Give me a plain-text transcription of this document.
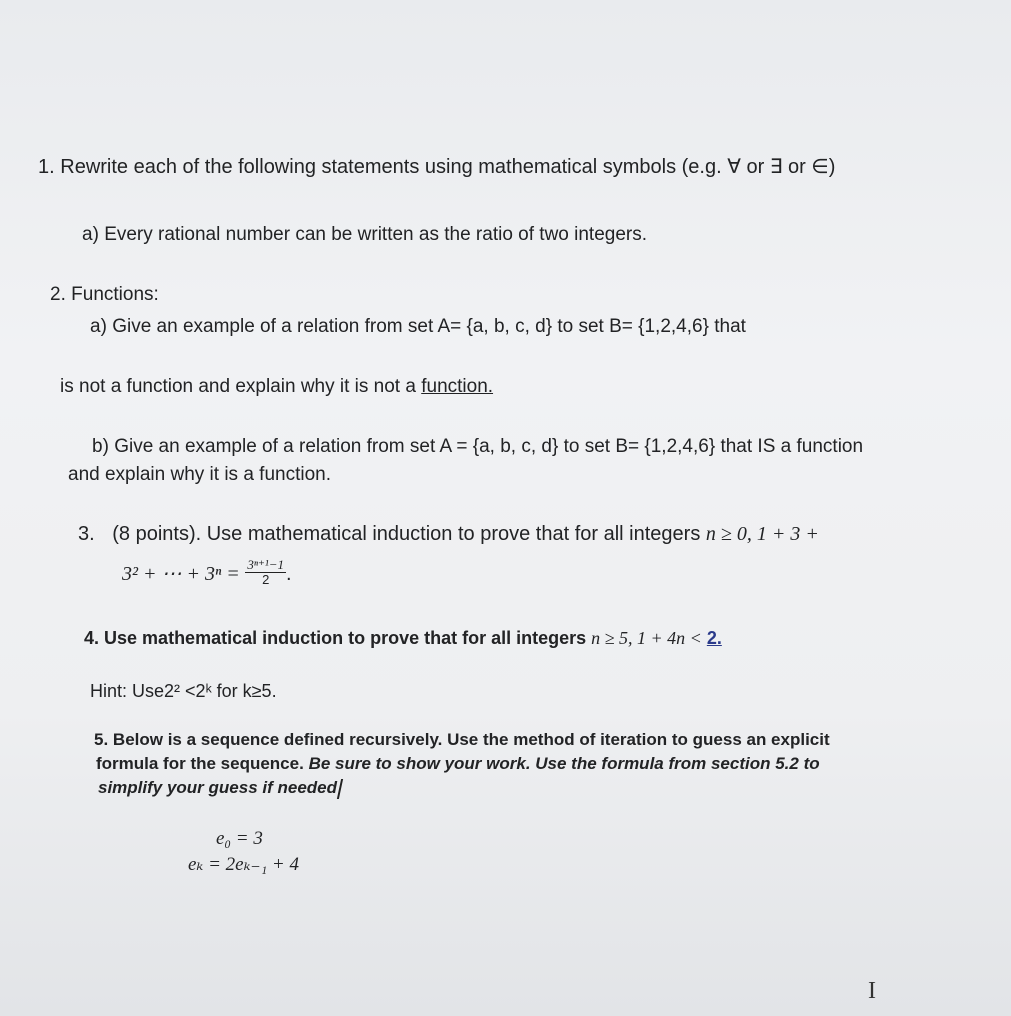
1. Rewrite each of the following statements using mathematical symbols (e.g. ∀ or ∃ or ∈)
a) Every rational number can be written as the ratio of two integers.
2. Functions:
a) Give an example of a relation from set A= {a, b, c, d} to set B= {1,2,4,6} that
is not a function and explain why it is not a function.
b) Give an example of a relation from set A = {a, b, c, d} to set B= {1,2,4,6} that IS a function
and explain why it is a function.
3. (8 points). Use mathematical induction to prove that for all integers n ≥ 0, 1 + 3 +
3² + ⋯ + $3^n = \frac{\text{3ⁿ⁺¹−1}}{2}$ .
4. Use mathematical induction to prove that for all integers n ≥ 5, 1 + 4n < 2.
Hint: Use2² <2ᵏ for k≥5.
5. Below is a sequence defined recursively. Use the method of iteration to guess an explicit
formula for the sequence. Be sure to show your work. Use the formula from section 5.2 to
simplify your guess if needed
e₀ = 3
eₖ = 2eₖ₋₁ + 4
I
